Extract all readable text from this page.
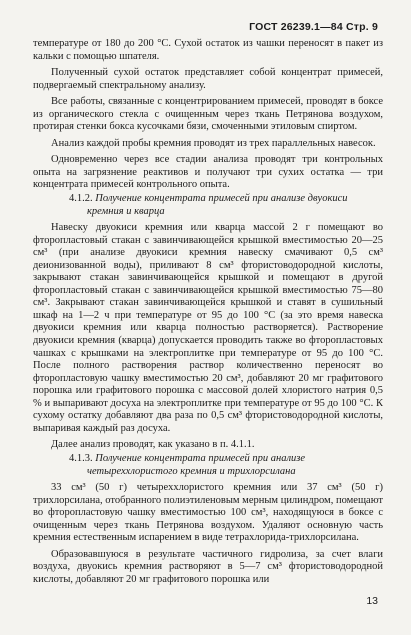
ГОСТ 26239.1—84 Стр. 9

температуре от 180 до 200 °С. Сухой остаток из чашки переносят в пакет из кальки с помощью шпателя.

Полученный сухой остаток представляет собой концентрат примесей, подвергаемый спектральному анализу.

Все работы, связанные с концентрированием примесей, проводят в боксе из органического стекла с очищенным через ткань Петрянова воздухом, протирая стенки бокса кусочками бязи, смоченными этиловым спиртом.

Анализ каждой пробы кремния проводят из трех параллельных навесок.

Одновременно через все стадии анализа проводят три контрольных опыта на загрязнение реактивов и получают три сухих остатка — три концентрата примесей контрольного опыта.

4.1.2. Получение концентрата примесей при анализе двуокиси кремния и кварца

Навеску двуокиси кремния или кварца массой 2 г помещают во фторопластовый стакан с завинчивающейся крышкой вместимостью 20—25 см³ (при анализе двуокиси кремния навеску смачивают 0,5 см³ деионизованной воды), приливают 8 см³ фтористоводородной кислоты, закрывают стакан завинчивающейся крышкой и помещают в другой фторопластовый стакан с завинчивающейся крышкой вместимостью 75—80 см³. Закрывают стакан завинчивающейся крышкой и ставят в сушильный шкаф на 1—2 ч при температуре от 95 до 100 °С (за это время навеска двуокиси кремния или кварца полностью растворяется). Растворение двуокиси кремния (кварца) допускается проводить также во фторопластовых чашках с крышками на электроплитке при температуре от 95 до 100 °С. После полного растворения раствор количественно переносят во фторопластовую чашку вместимостью 20 см³, добавляют 20 мг графитового порошка или графитового порошка с массовой долей хлористого натрия 0,5 % и выпаривают досуха на электроплитке при температуре от 95 до 100 °С. К сухому остатку добавляют два раза по 0,5 см³ фтористоводородной кислоты, выпаривая каждый раз досуха.

Далее анализ проводят, как указано в п. 4.1.1.

4.1.3. Получение концентрата примесей при анализе четыреххлористого кремния и трихлорсилана

33 см³ (50 г) четыреххлористого кремния или 37 см³ (50 г) трихлорсилана, отобранного полиэтиленовым мерным цилиндром, помещают во фторопластовую чашку вместимостью 100 см³, находящуюся в боксе с очищенным через ткань Петрянова воздухом. Удаляют основную часть кремния естественным испарением в виде тетрахлорида-трихлорсилана.

Образовавшуюся в результате частичного гидролиза, за счет влаги воздуха, двуокись кремния растворяют в 5—7 см³ фтористоводородной кислоты, добавляют 20 мг графитового порошка или

13
